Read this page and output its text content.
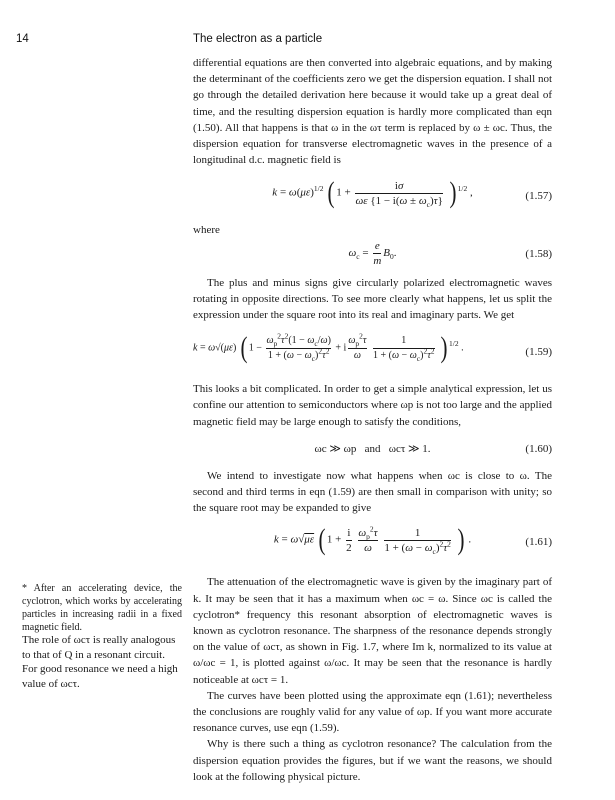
14	The electron as a particle

differential equations are then converted into algebraic equations, and by making the determinant of the coefficients zero we get the dispersion equation. I shall not go through the detailed derivation here because it would take up a great deal of time, and the resulting dispersion equation is hardly more complicated than eqn (1.50). All that happens is that ω in the ωτ term is replaced by ω ± ωc. Thus, the dispersion equation for transverse electromagnetic waves in the presence of a longitudinal d.c. magnetic field is

$k = \omega(\mu\varepsilon)^{1/2}$ ( $1 + \frac{i\sigma}{\omega\varepsilon \{1 - i(\omega \pm \omega_c)\tau\}}$ ) $^{1/2}$ ,	(1.57)

where

$\omega_c = \frac{e}{m} B_0$.	(1.58)

The plus and minus signs give circularly polarized electromagnetic waves rotating in opposite directions. To see more clearly what happens, let us split the expression under the square root into its real and imaginary parts. We get

k = ω√(με) ( $1 - \frac{\omega_p^2\tau^2(1 - \omega_c/\omega)}{1 + (\omega - \omega_c)^2\tau^2} + i \frac{\omega_p^2\tau}{\omega}$
$\frac{1}{1 + (\omega - \omega_c)^2\tau^2}$ ) $^{1/2}$ .	(1.59)

This looks a bit complicated. In order to get a simple analytical expression, let us confine our attention to semiconductors where ωp is not too large and the applied magnetic field may be large enough to satisfy the conditions,

ωc ≫ ωp   and   ωcτ ≫ 1.	(1.60)

We intend to investigate now what happens when ωc is close to ω. The second and third terms in eqn (1.59) are then small in comparison with unity; so the square root may be expanded to give

k = ω√με ( $1 + \frac{i}{2}$
$\frac{\omega_p^2\tau}{\omega}$
$\frac{1}{1 + (\omega - \omega_c)^2\tau^2}$ ) .	(1.61)

The attenuation of the electromagnetic wave is given by the imaginary part of k. It may be seen that it has a maximum when ωc = ω. Since ωc is called the cyclotron* frequency this resonant absorption of electromagnetic waves is known as cyclotron resonance. The sharpness of the resonance depends strongly on the value of ωcτ, as shown in Fig. 1.7, where Im k, normalized to its value at ω/ωc = 1, is plotted against ω/ωc. It may be seen that the resonance is hardly noticeable at ωcτ = 1.

The curves have been plotted using the approximate eqn (1.61); nevertheless the conclusions are roughly valid for any value of ωp. If you want more accurate resonance curves, use eqn (1.59).

Why is there such a thing as cyclotron resonance? The calculation from the dispersion equation provides the figures, but if we want the reasons, we should look at the following physical picture.

* After an accelerating device, the cyclotron, which works by accelerating particles in increasing radii in a fixed magnetic field.
The role of ωcτ is really analogous to that of Q in a resonant circuit. For good resonance we need a high value of ωcτ.
